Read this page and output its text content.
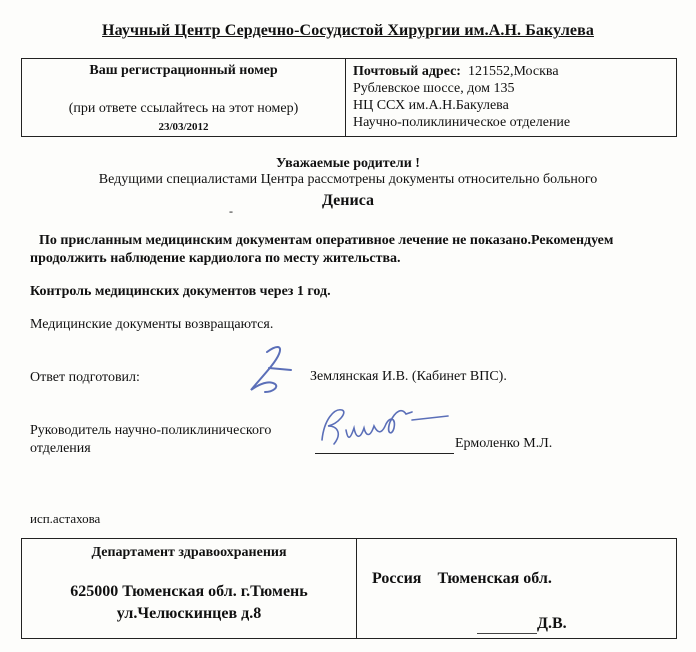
Научный Центр Сердечно-Сосудистой Хирургии им.А.Н. Бакулева
Ваш регистрационный номер
(при ответе ссылайтесь на этот номер)
23/03/2012
Почтовый адрес: 121552,Москва
Рублевское шоссе, дом 135
НЦ ССХ им.А.Н.Бакулева
Научно-поликлиническое отделение
Уважаемые родители !
Ведущими специалистами Центра рассмотрены документы относительно больного
-
Дениса
По присланным медицинским документам оперативное лечение не показано.Рекомендуем продолжить наблюдение кардиолога по месту жительства.
Контроль медицинских документов через 1 год.
Медицинские документы возвращаются.
Ответ подготовил:	Землянская И.В. (Кабинет ВПС).
Руководитель научно-поликлинического отделения	Ермоленко М.Л.
исп.астахова
Департамент здравоохранения
625000 Тюменская обл. г.Тюмень
ул.Челюскинцев д.8
Россия    Тюменская обл.
Д.В.
